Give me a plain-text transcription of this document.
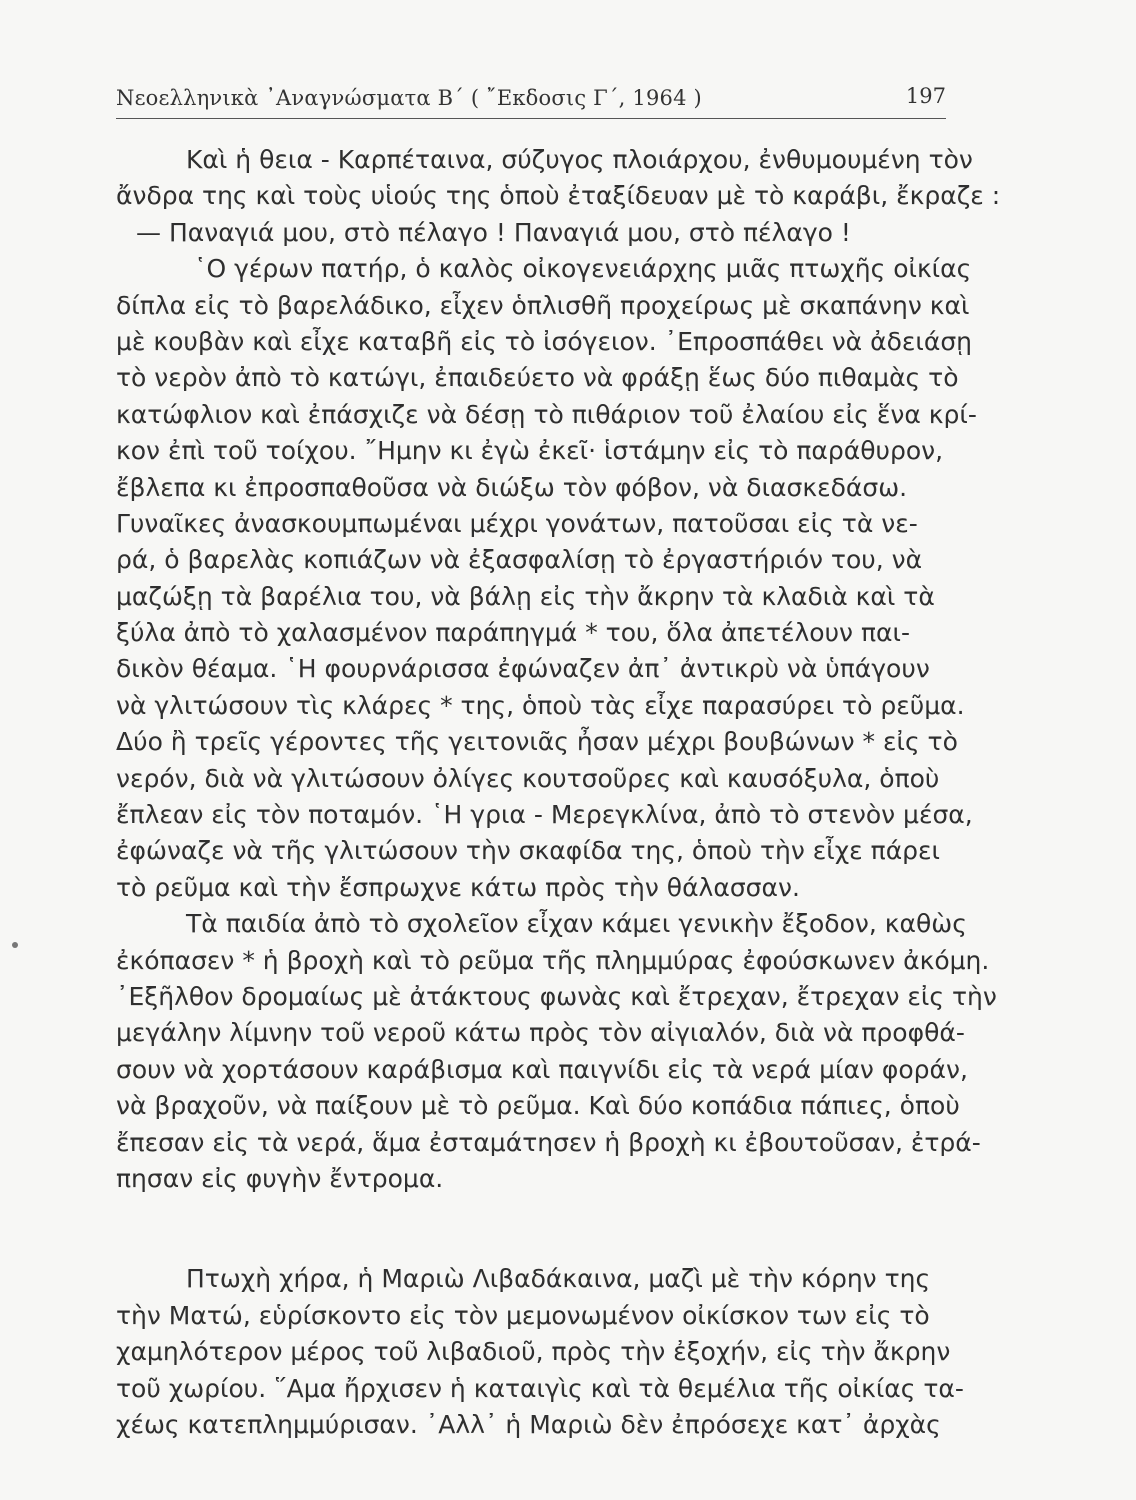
Νεοελληνικὰ ᾿Αναγνώσματα Β΄ ( ῎Εκδοσις Γ΄, 1964 )	197
Καὶ ἡ θεια - Καρπέταινα, σύζυγος πλοιάρχου, ἐνθυμουμένη τὸν
ἄνδρα της καὶ τοὺς υἱούς της ὁποὺ ἐταξίδευαν μὲ τὸ καράβι, ἔκραζε :
— Παναγιά μου, στὸ πέλαγο ! Παναγιά μου, στὸ πέλαγο !
῾Ο γέρων πατήρ, ὁ καλὸς οἰκογενειάρχης μιᾶς πτωχῆς οἰκίας
δίπλα εἰς τὸ βαρελάδικο, εἶχεν ὁπλισθῆ προχείρως μὲ σκαπάνην καὶ
μὲ κουβὰν καὶ εἶχε καταβῆ εἰς τὸ ἰσόγειον. ᾿Επροσπάθει νὰ ἀδειάσῃ
τὸ νερὸν ἀπὸ τὸ κατώγι, ἐπαιδεύετο νὰ φράξῃ ἕως δύο πιθαμὰς τὸ
κατώφλιον καὶ ἐπάσχιζε νὰ δέσῃ τὸ πιθάριον τοῦ ἐλαίου εἰς ἕνα κρί-
κον ἐπὶ τοῦ τοίχου. ῎Ημην κι ἐγὼ ἐκεῖ· ἱστάμην εἰς τὸ παράθυρον,
ἔβλεπα κι ἐπροσπαθοῦσα νὰ διώξω τὸν φόβον, νὰ διασκεδάσω.
Γυναῖκες ἀνασκουμπωμέναι μέχρι γονάτων, πατοῦσαι εἰς τὰ νε-
ρά, ὁ βαρελὰς κοπιάζων νὰ ἐξασφαλίσῃ τὸ ἐργαστήριόν του, νὰ
μαζώξῃ τὰ βαρέλια του, νὰ βάλῃ εἰς τὴν ἄκρην τὰ κλαδιὰ καὶ τὰ
ξύλα ἀπὸ τὸ χαλασμένον παράπηγμά * του, ὅλα ἀπετέλουν παι-
δικὸν θέαμα. ῾Η φουρνάρισσα ἐφώναζεν ἀπ᾿ ἀντικρὺ νὰ ὑπάγουν
νὰ γλιτώσουν τὶς κλάρες * της, ὁποὺ τὰς εἶχε παρασύρει τὸ ρεῦμα.
Δύο ἢ τρεῖς γέροντες τῆς γειτονιᾶς ἦσαν μέχρι βουβώνων * εἰς τὸ
νερόν, διὰ νὰ γλιτώσουν ὀλίγες κουτσοῦρες καὶ καυσόξυλα, ὁποὺ
ἔπλεαν εἰς τὸν ποταμόν. ῾Η γρια - Μερεγκλίνα, ἀπὸ τὸ στενὸν μέσα,
ἐφώναζε νὰ τῆς γλιτώσουν τὴν σκαφίδα της, ὁποὺ τὴν εἶχε πάρει
τὸ ρεῦμα καὶ τὴν ἔσπρωχνε κάτω πρὸς τὴν θάλασσαν.
Τὰ παιδία ἀπὸ τὸ σχολεῖον εἶχαν κάμει γενικὴν ἔξοδον, καθὼς
ἐκόπασεν * ἡ βροχὴ καὶ τὸ ρεῦμα τῆς πλημμύρας ἐφούσκωνεν ἀκόμη.
᾿Εξῆλθον δρομαίως μὲ ἀτάκτους φωνὰς καὶ ἔτρεχαν, ἔτρεχαν εἰς τὴν
μεγάλην λίμνην τοῦ νεροῦ κάτω πρὸς τὸν αἰγιαλόν, διὰ νὰ προφθά-
σουν νὰ χορτάσουν καράβισμα καὶ παιγνίδι εἰς τὰ νερά μίαν φοράν,
νὰ βραχοῦν, νὰ παίξουν μὲ τὸ ρεῦμα. Καὶ δύο κοπάδια πάπιες, ὁποὺ
ἔπεσαν εἰς τὰ νερά, ἅμα ἐσταμάτησεν ἡ βροχὴ κι ἐβουτοῦσαν, ἐτρά-
πησαν εἰς φυγὴν ἔντρομα.
Πτωχὴ χήρα, ἡ Μαριὼ Λιβαδάκαινα, μαζὶ μὲ τὴν κόρην της
τὴν Ματώ, εὑρίσκοντο εἰς τὸν μεμονωμένον οἰκίσκον των εἰς τὸ
χαμηλότερον μέρος τοῦ λιβαδιοῦ, πρὸς τὴν ἐξοχήν, εἰς τὴν ἄκρην
τοῦ χωρίου. ῞Αμα ἤρχισεν ἡ καταιγὶς καὶ τὰ θεμέλια τῆς οἰκίας τα-
χέως κατεπλημμύρισαν. ᾿Αλλ᾿ ἡ Μαριὼ δὲν ἐπρόσεχε κατ᾿ ἀρχὰς
